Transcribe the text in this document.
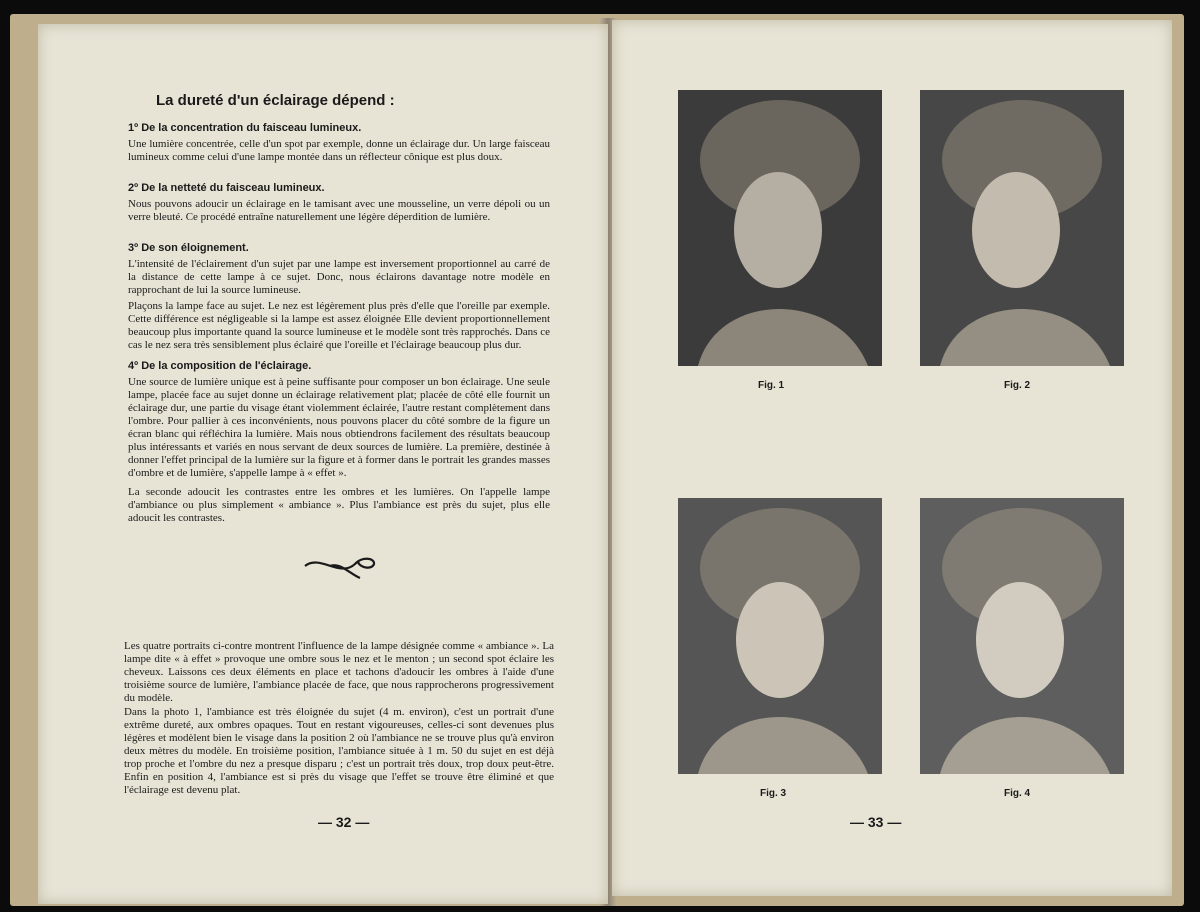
La dureté d'un éclairage dépend :
1º De la concentration du faisceau lumineux.
Une lumière concentrée, celle d'un spot par exemple, donne un éclairage dur. Un large faisceau lumineux comme celui d'une lampe montée dans un réflecteur cônique est plus doux.
2º De la netteté du faisceau lumineux.
Nous pouvons adoucir un éclairage en le tamisant avec une mousseline, un verre dépoli ou un verre bleuté. Ce procédé entraîne naturellement une légère déperdition de lumière.
3º De son éloignement.
L'intensité de l'éclairement d'un sujet par une lampe est inversement proportionnel au carré de la distance de cette lampe à ce sujet. Donc, nous éclairons davantage notre modèle en rapprochant de lui la source lumineuse.
Plaçons la lampe face au sujet. Le nez est légèrement plus près d'elle que l'oreille par exemple. Cette différence est négligeable si la lampe est assez éloignée Elle devient proportionnellement beaucoup plus importante quand la source lumineuse et le modèle sont très rapprochés. Dans ce cas le nez sera très sensiblement plus éclairé que l'oreille et l'éclairage beaucoup plus dur.
4º De la composition de l'éclairage.
Une source de lumière unique est à peine suffisante pour composer un bon éclairage. Une seule lampe, placée face au sujet donne un éclairage relativement plat; placée de côté elle fournit un éclairage dur, une partie du visage étant violemment éclairée, l'autre restant complètement dans l'ombre. Pour pallier à ces inconvénients, nous pouvons placer du côté sombre de la figure un écran blanc qui réfléchira la lumière. Mais nous obtiendrons facilement des résultats beaucoup plus intéressants et variés en nous servant de deux sources de lumière. La première, destinée à donner l'effet principal de la lumière sur la figure et à former dans le portrait les grandes masses d'ombre et de lumière, s'appelle lampe à « effet ».
La seconde adoucit les contrastes entre les ombres et les lumières. On l'appelle lampe d'ambiance ou plus simplement « ambiance ». Plus l'ambiance est près du sujet, plus elle adoucit les contrastes.
Les quatre portraits ci-contre montrent l'influence de la lampe désignée comme « ambiance ». La lampe dite « à effet » provoque une ombre sous le nez et le menton ; un second spot éclaire les cheveux. Laissons ces deux éléments en place et tachons d'adoucir les ombres à l'aide d'une troisième source de lumière, l'ambiance placée de face, que nous rapprocherons progressivement du modèle.
Dans la photo 1, l'ambiance est très éloignée du sujet (4 m. environ), c'est un portrait d'une extrême dureté, aux ombres opaques. Tout en restant vigoureuses, celles-ci sont devenues plus légères et modèlent bien le visage dans la position 2 où l'ambiance ne se trouve plus qu'à environ deux mètres du modèle. En troisième position, l'ambiance située à 1 m. 50 du sujet en est déjà trop proche et l'ombre du nez a presque disparu ; c'est un portrait très doux, trop doux peut-être. Enfin en position 4, l'ambiance est si près du visage que l'effet se trouve être éliminé et que l'éclairage est devenu plat.
— 32 —
Fig. 1	Fig. 2
Fig. 3	Fig. 4
— 33 —
